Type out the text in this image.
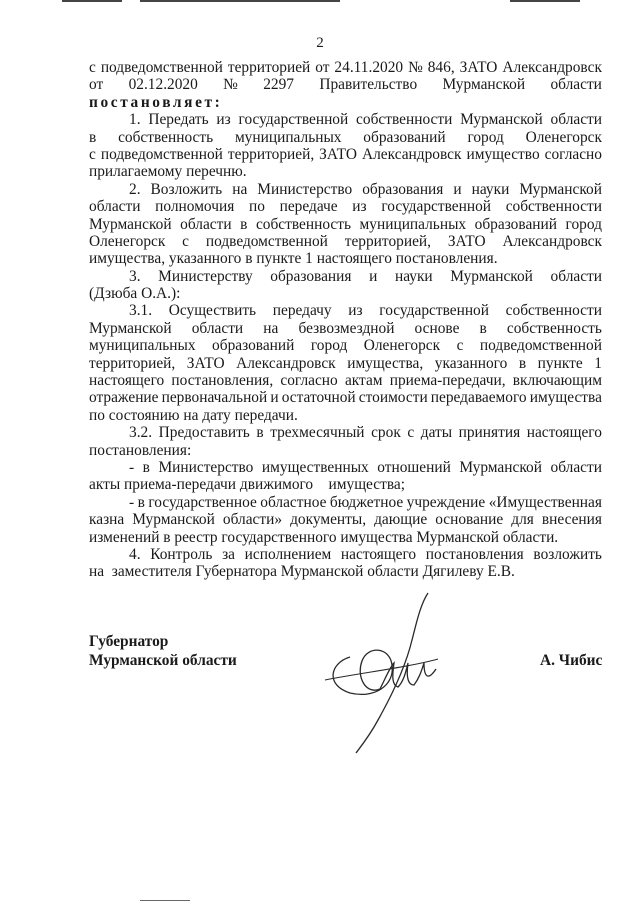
2
с подведомственной территорией от 24.11.2020 № 846, ЗАТО Александровск
от 02.12.2020 № 2297 Правительство Мурманской области
постановляет:
1. Передать из государственной собственности Мурманской области
в собственность муниципальных образований город Оленегорск
с подведомственной территорией, ЗАТО Александровск имущество согласно
прилагаемому перечню.
2. Возложить на Министерство образования и науки Мурманской
области полномочия по передаче из государственной собственности
Мурманской области в собственность муниципальных образований город
Оленегорск с подведомственной территорией, ЗАТО Александровск
имущества, указанного в пункте 1 настоящего постановления.
3. Министерству образования и науки Мурманской области
(Дзюба О.А.):
3.1. Осуществить передачу из государственной собственности
Мурманской области на безвозмездной основе в собственность
муниципальных образований город Оленегорск с подведомственной
территорией, ЗАТО Александровск имущества, указанного в пункте 1
настоящего постановления, согласно актам приема-передачи, включающим
отражение первоначальной и остаточной стоимости передаваемого имущества
по состоянию на дату передачи.
3.2. Предоставить в трехмесячный срок с даты принятия настоящего
постановления:
- в Министерство имущественных отношений Мурманской области
акты приема-передачи движимого    имущества;
- в государственное областное бюджетное учреждение «Имущественная
казна Мурманской области» документы, дающие основание для внесения
изменений в реестр государственного имущества Мурманской области.
4. Контроль за исполнением настоящего постановления возложить
на  заместителя Губернатора Мурманской области Дягилеву Е.В.
Губернатор
Мурманской области	А. Чибис
